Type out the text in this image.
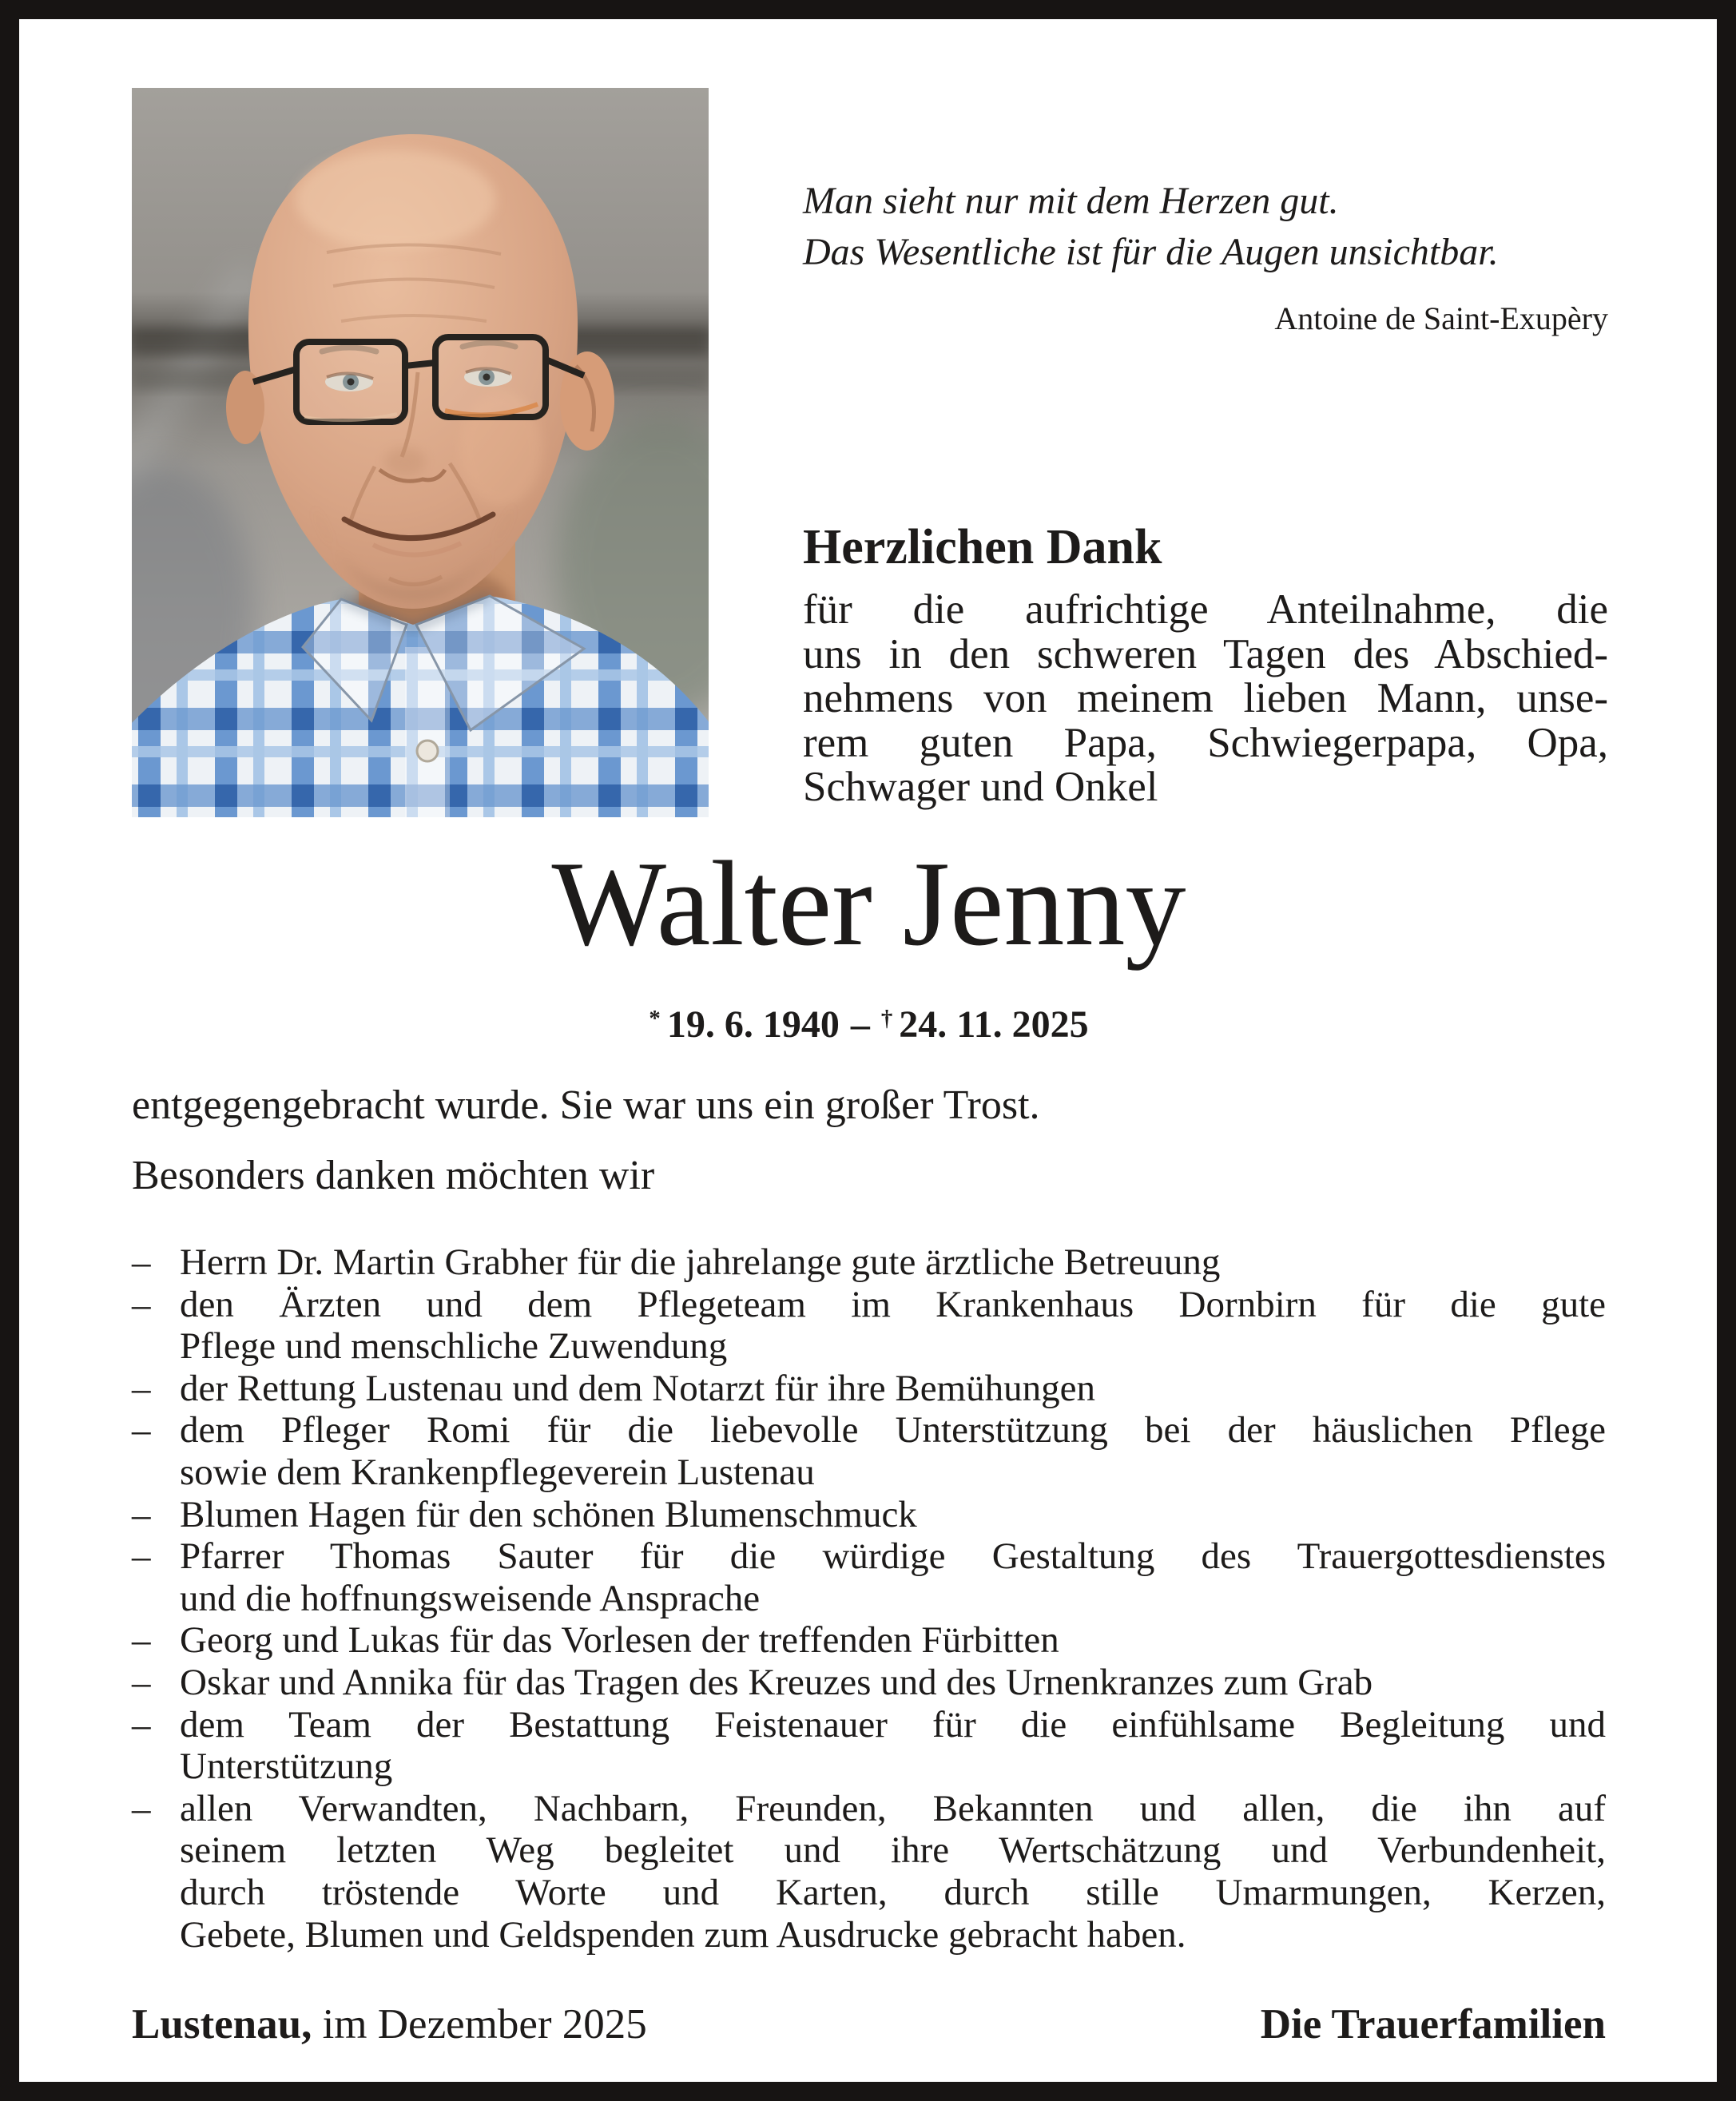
Man sieht nur mit dem Herzen gut.
Das Wesentliche ist für die Augen unsichtbar.
Antoine de Saint-Exupèry
Herzlichen Dank
für die aufrichtige Anteilnahme, die
uns in den schweren Tagen des Abschied-
nehmens von meinem lieben Mann, unse-
rem guten Papa, Schwiegerpapa, Opa,
Schwager und Onkel
Walter Jenny
* 19. 6. 1940 – † 24. 11. 2025
entgegengebracht wurde. Sie war uns ein großer Trost.
Besonders danken möchten wir
– Herrn Dr. Martin Grabher für die jahrelange gute ärztliche Betreuung
– den Ärzten und dem Pflegeteam im Krankenhaus Dornbirn für die gute
Pflege und menschliche Zuwendung
– der Rettung Lustenau und dem Notarzt für ihre Bemühungen
– dem Pfleger Romi für die liebevolle Unterstützung bei der häuslichen Pflege
sowie dem Krankenpflegeverein Lustenau
– Blumen Hagen für den schönen Blumenschmuck
– Pfarrer Thomas Sauter für die würdige Gestaltung des Trauergottesdienstes
und die hoffnungsweisende Ansprache
– Georg und Lukas für das Vorlesen der treffenden Fürbitten
– Oskar und Annika für das Tragen des Kreuzes und des Urnenkranzes zum Grab
– dem Team der Bestattung Feistenauer für die einfühlsame Begleitung und
Unterstützung
– allen Verwandten, Nachbarn, Freunden, Bekannten und allen, die ihn auf
seinem letzten Weg begleitet und ihre Wertschätzung und Verbundenheit,
durch tröstende Worte und Karten, durch stille Umarmungen, Kerzen,
Gebete, Blumen und Geldspenden zum Ausdrucke gebracht haben.
Lustenau, im Dezember 2025	Die Trauerfamilien
